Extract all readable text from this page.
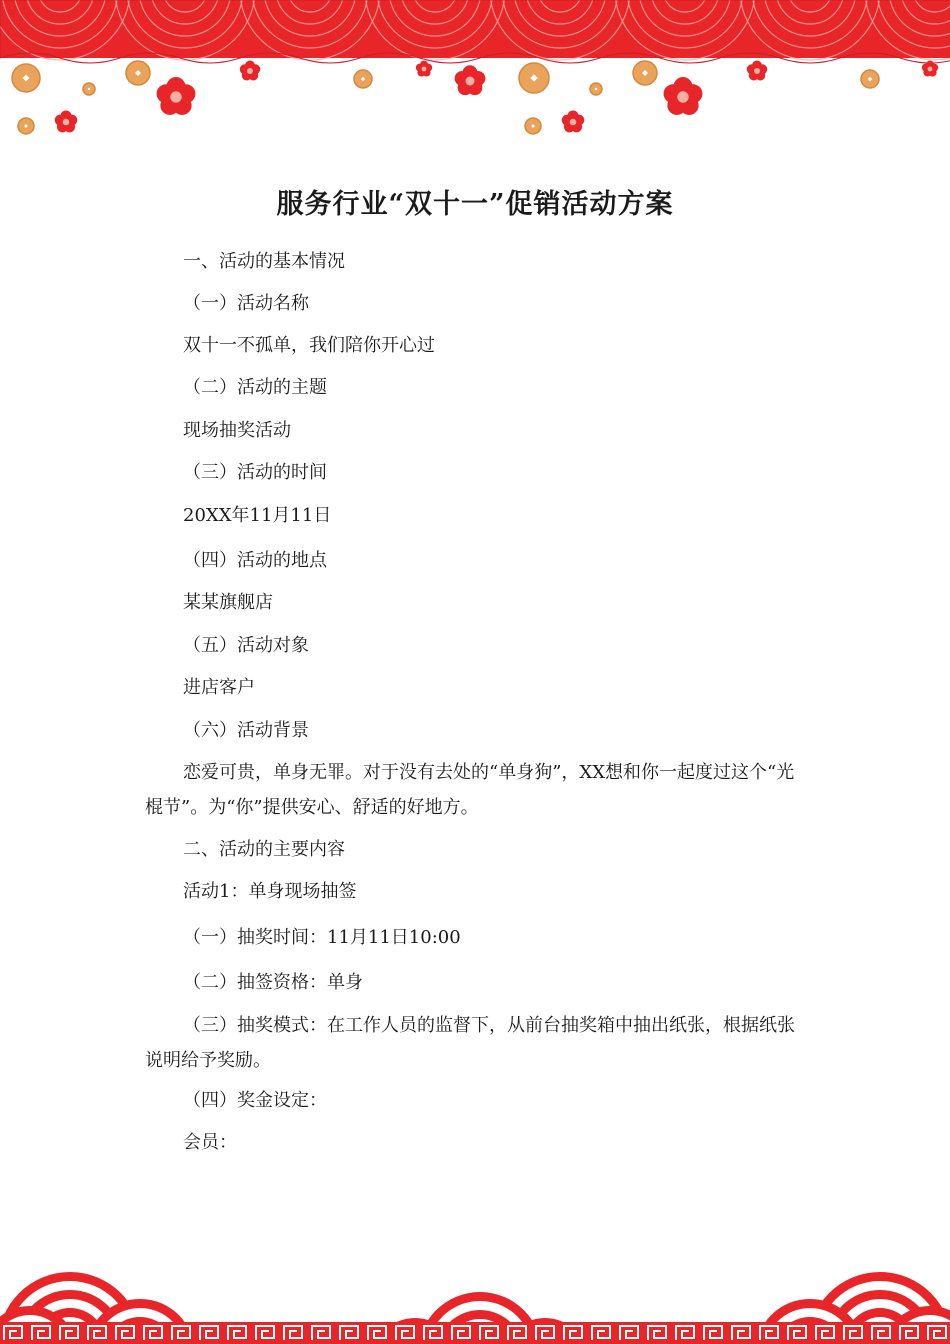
服务行业“双十一”促销活动方案

一、活动的基本情况

（一）活动名称

双十一不孤单，我们陪你开心过

（二）活动的主题

现场抽奖活动

（三）活动的时间

20XX年11月11日

（四）活动的地点

某某旗舰店

（五）活动对象

进店客户

（六）活动背景

恋爱可贵，单身无罪。对于没有去处的“单身狗”，XX想和你一起度过这个“光棍节”。为“你”提供安心、舒适的好地方。

二、活动的主要内容

活动1：单身现场抽签

（一）抽奖时间：11月11日10:00

（二）抽签资格：单身

（三）抽奖模式：在工作人员的监督下，从前台抽奖箱中抽出纸张，根据纸张说明给予奖励。

（四）奖金设定：

会员：
